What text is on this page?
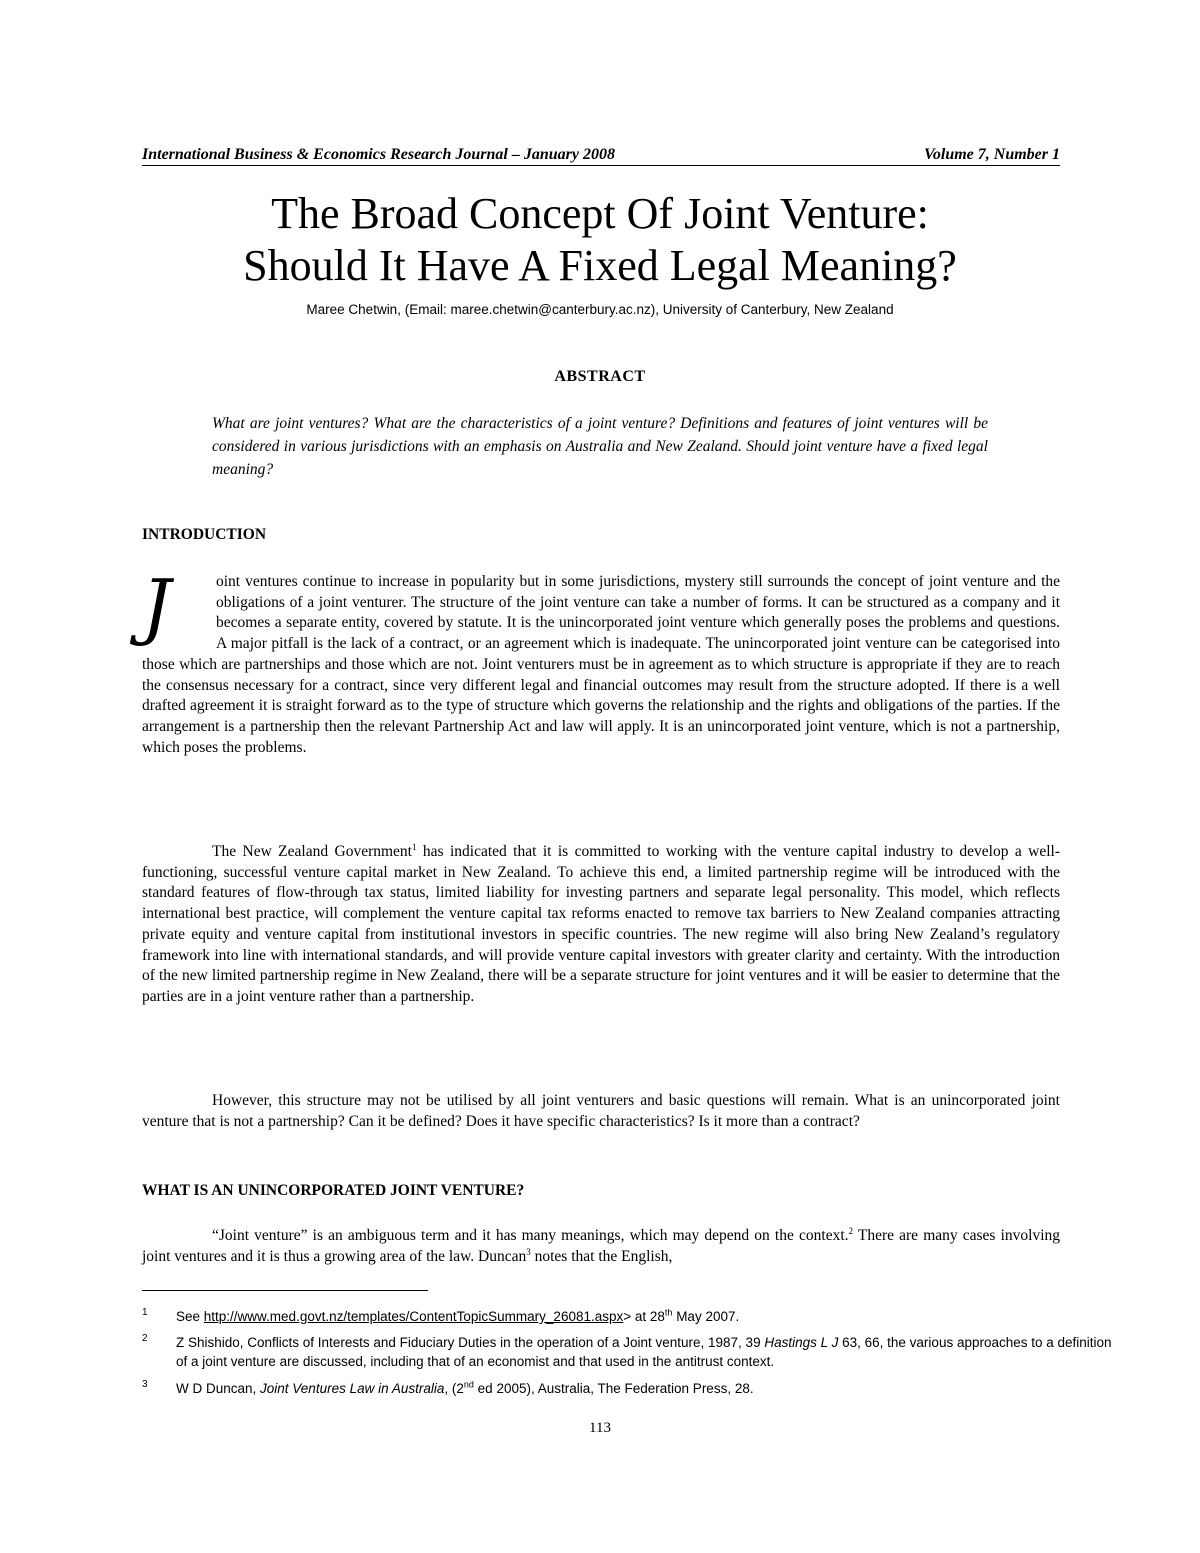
International Business & Economics Research Journal – January 2008	Volume 7, Number 1
The Broad Concept Of Joint Venture:
Should It Have A Fixed Legal Meaning?
Maree Chetwin, (Email: maree.chetwin@canterbury.ac.nz), University of Canterbury, New Zealand
ABSTRACT

What are joint ventures? What are the characteristics of a joint venture? Definitions and features of joint ventures will be considered in various jurisdictions with an emphasis on Australia and New Zealand. Should joint venture have a fixed legal meaning?

INTRODUCTION

J	oint ventures continue to increase in popularity but in some jurisdictions, mystery still surrounds the concept of joint venture and the obligations of a joint venturer. The structure of the joint venture can take a number of forms. It can be structured as a company and it becomes a separate entity, covered by statute. It is the unincorporated joint venture which generally poses the problems and questions. A major pitfall is the lack of a contract, or an agreement which is inadequate. The unincorporated joint venture can be categorised into those which are partnerships and those which are not. Joint venturers must be in agreement as to which structure is appropriate if they are to reach the consensus necessary for a contract, since very different legal and financial outcomes may result from the structure adopted. If there is a well drafted agreement it is straight forward as to the type of structure which governs the relationship and the rights and obligations of the parties. If the arrangement is a partnership then the relevant Partnership Act and law will apply. It is an unincorporated joint venture, which is not a partnership, which poses the problems.

The New Zealand Government$^1$ has indicated that it is committed to working with the venture capital industry to develop a well-functioning, successful venture capital market in New Zealand. To achieve this end, a limited partnership regime will be introduced with the standard features of flow-through tax status, limited liability for investing partners and separate legal personality. This model, which reflects international best practice, will complement the venture capital tax reforms enacted to remove tax barriers to New Zealand companies attracting private equity and venture capital from institutional investors in specific countries. The new regime will also bring New Zealand’s regulatory framework into line with international standards, and will provide venture capital investors with greater clarity and certainty. With the introduction of the new limited partnership regime in New Zealand, there will be a separate structure for joint ventures and it will be easier to determine that the parties are in a joint venture rather than a partnership.

However, this structure may not be utilised by all joint venturers and basic questions will remain. What is an unincorporated joint venture that is not a partnership? Can it be defined? Does it have specific characteristics? Is it more than a contract?

WHAT IS AN UNINCORPORATED JOINT VENTURE?

“Joint venture” is an ambiguous term and it has many meanings, which may depend on the context.$^2$ There are many cases involving joint ventures and it is thus a growing area of the law. Duncan$^3$ notes that the English,

1 See http://www.med.govt.nz/templates/ContentTopicSummary_26081.aspx> at 28th May 2007.
2 Z Shishido, Conflicts of Interests and Fiduciary Duties in the operation of a Joint venture, 1987, 39 Hastings L J 63, 66, the various approaches to a definition of a joint venture are discussed, including that of an economist and that used in the antitrust context.
3 W D Duncan, Joint Ventures Law in Australia, (2nd ed 2005), Australia, The Federation Press, 28.
113
